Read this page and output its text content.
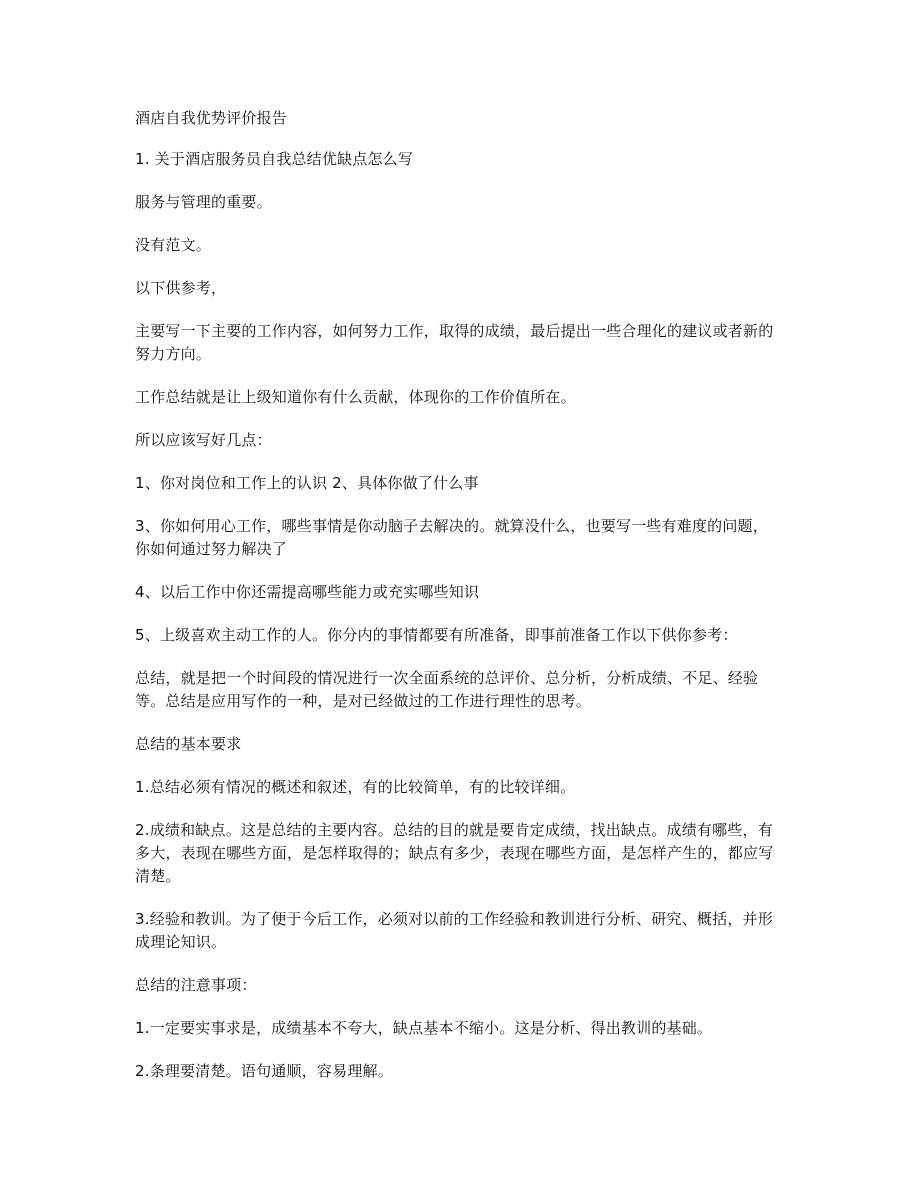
酒店自我优势评价报告

1. 关于酒店服务员自我总结优缺点怎么写

服务与管理的重要。

没有范文。

以下供参考，

主要写一下主要的工作内容，如何努力工作，取得的成绩，最后提出一些合理化的建议或者新的努力方向。

工作总结就是让上级知道你有什么贡献，体现你的工作价值所在。

所以应该写好几点：

1、你对岗位和工作上的认识 2、具体你做了什么事

3、你如何用心工作，哪些事情是你动脑子去解决的。就算没什么，也要写一些有难度的问题，你如何通过努力解决了

4、以后工作中你还需提高哪些能力或充实哪些知识

5、上级喜欢主动工作的人。你分内的事情都要有所准备，即事前准备工作以下供你参考：

总结，就是把一个时间段的情况进行一次全面系统的总评价、总分析，分析成绩、不足、经验等。总结是应用写作的一种，是对已经做过的工作进行理性的思考。

总结的基本要求

1.总结必须有情况的概述和叙述，有的比较简单，有的比较详细。

2.成绩和缺点。这是总结的主要内容。总结的目的就是要肯定成绩，找出缺点。成绩有哪些，有多大，表现在哪些方面，是怎样取得的；缺点有多少，表现在哪些方面，是怎样产生的，都应写清楚。

3.经验和教训。为了便于今后工作，必须对以前的工作经验和教训进行分析、研究、概括，并形成理论知识。

总结的注意事项：

1.一定要实事求是，成绩基本不夸大，缺点基本不缩小。这是分析、得出教训的基础。

2.条理要清楚。语句通顺，容易理解。
